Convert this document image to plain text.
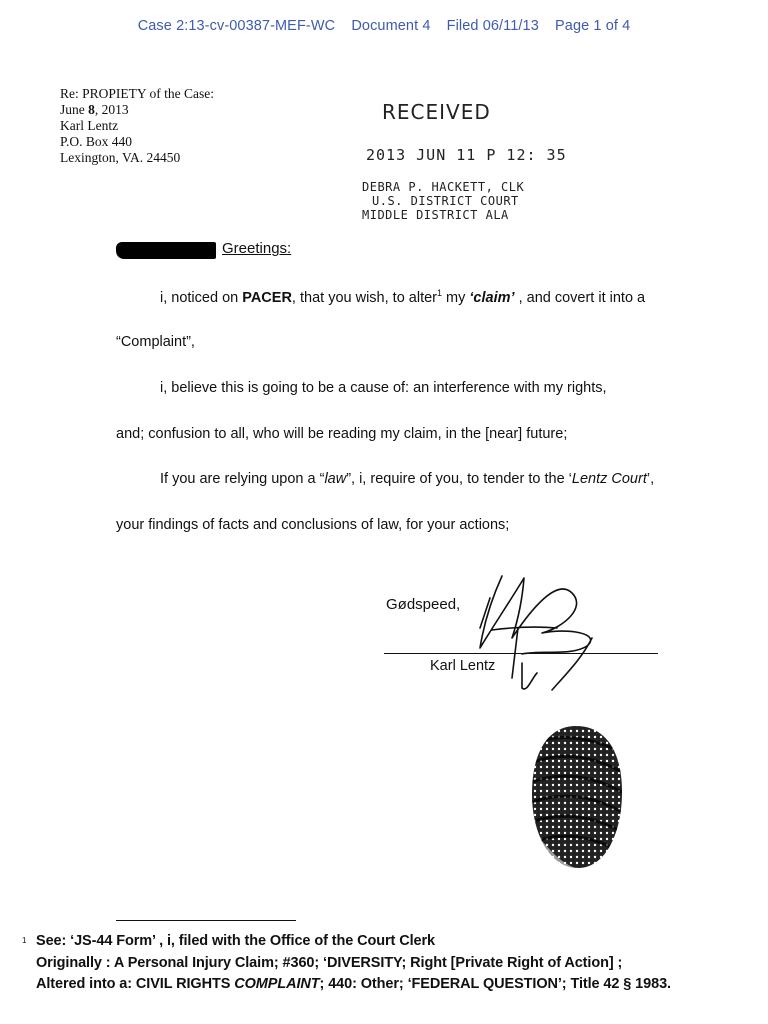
Case 2:13-cv-00387-MEF-WC Document 4 Filed 06/11/13 Page 1 of 4
Re: PROPIETY of the Case:
June 8, 2013
Karl Lentz
P.O. Box 440
Lexington, VA. 24450
RECEIVED
2013 JUN 11 P 12: 35
DEBRA P. HACKETT, CLK
U.S. DISTRICT COURT
MIDDLE DISTRICT ALA
Greetings:
i, noticed on PACER, that you wish, to alter$^1$ my ‘claim’ , and covert it into a
“Complaint”,
i, believe this is going to be a cause of: an interference with my rights,
and; confusion to all, who will be reading my claim, in the [near] future;
If you are relying upon a “law”, i, require of you, to tender to the ‘Lentz Court’,
your findings of facts and conclusions of law, for your actions;
Gødspeed,
Karl Lentz
1 See: ‘JS-44 Form’ , i, filed with the Office of the Court Clerk
Originally : A Personal Injury Claim; #360; ‘DIVERSITY; Right [Private Right of Action] ;
Altered into a: CIVIL RIGHTS COMPLAINT; 440: Other; ‘FEDERAL QUESTION’; Title 42 § 1983.
